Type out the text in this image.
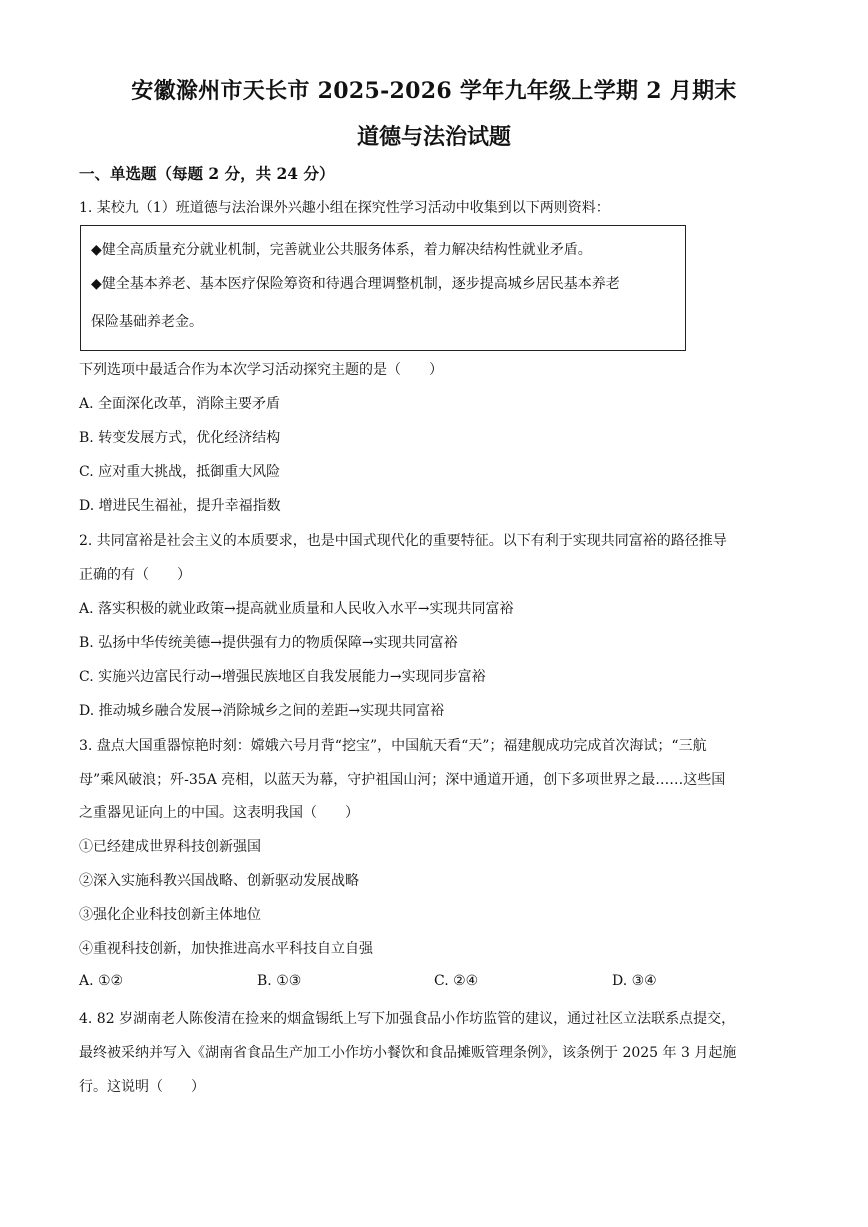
安徽滁州市天长市 2025-2026 学年九年级上学期 2 月期末
道德与法治试题
一、单选题（每题 2 分，共 24 分）
1. 某校九（1）班道德与法治课外兴趣小组在探究性学习活动中收集到以下两则资料：
◆健全高质量充分就业机制，完善就业公共服务体系，着力解决结构性就业矛盾。
◆健全基本养老、基本医疗保险筹资和待遇合理调整机制，逐步提高城乡居民基本养老
保险基础养老金。
下列选项中最适合作为本次学习活动探究主题的是（　　）
A. 全面深化改革，消除主要矛盾
B. 转变发展方式，优化经济结构
C. 应对重大挑战，抵御重大风险
D. 增进民生福祉，提升幸福指数
2. 共同富裕是社会主义的本质要求，也是中国式现代化的重要特征。以下有利于实现共同富裕的路径推导
正确的有（　　）
A. 落实积极的就业政策→提高就业质量和人民收入水平→实现共同富裕
B. 弘扬中华传统美德→提供强有力的物质保障→实现共同富裕
C. 实施兴边富民行动→增强民族地区自我发展能力→实现同步富裕
D. 推动城乡融合发展→消除城乡之间的差距→实现共同富裕
3. 盘点大国重器惊艳时刻：嫦娥六号月背“挖宝”，中国航天看“天”；福建舰成功完成首次海试；“三航
母”乘风破浪；歼-35A 亮相，以蓝天为幕，守护祖国山河；深中通道开通，创下多项世界之最……这些国
之重器见证向上的中国。这表明我国（　　）
①已经建成世界科技创新强国
②深入实施科教兴国战略、创新驱动发展战略
③强化企业科技创新主体地位
④重视科技创新，加快推进高水平科技自立自强
A. ①②	B. ①③	C. ②④	D. ③④
4. 82 岁湖南老人陈俊清在捡来的烟盒锡纸上写下加强食品小作坊监管的建议，通过社区立法联系点提交，
最终被采纳并写入《湖南省食品生产加工小作坊小餐饮和食品摊贩管理条例》，该条例于 2025 年 3 月起施
行。这说明（　　）
